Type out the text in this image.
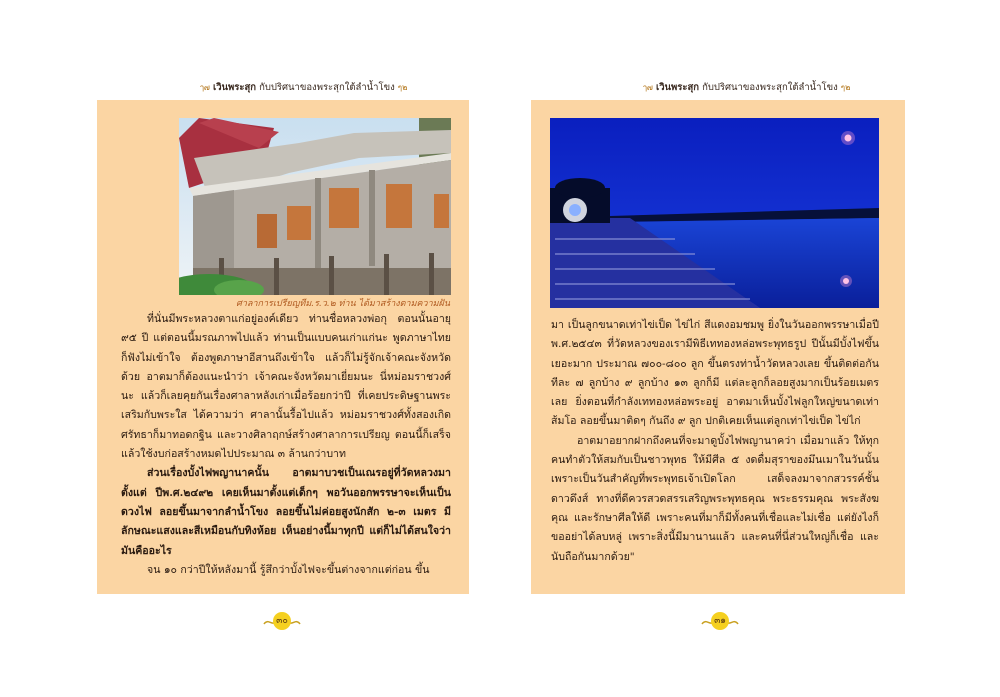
ๅ๗ เวินพระสุก กับปริศนาของพระสุกใต้ลำน้ำโขง ๆ๒
ศาลาการเปรียญทีม.ร.ว.๒ ท่าน ได้มาสร้างตามความฝัน

ที่นั่นมีพระหลวงตาแก่อยู่องค์เดียว ท่านชื่อหลวงพ่อกุ ตอนนั้นอายุ ๙๕ ปี แต่ตอนนี้มรณภาพไปแล้ว ท่านเป็นแบบคนเก่าแก่นะ พูดภาษาไทยก็ฟังไม่เข้าใจ ต้องพูดภาษาอีสานถึงเข้าใจ แล้วก็ไม่รู้จักเจ้าคณะจังหวัดด้วย อาตมาก็ต้องแนะนำว่า เจ้าคณะจังหวัดมาเยี่ยมนะ นี่หม่อมราชวงศ์นะ แล้วก็เลยคุยกันเรื่องศาลาหลังเก่าเมื่อร้อยกว่าปี ที่เคยประดิษฐานพระเสริมกับพระใส ได้ความว่า ศาลานั้นรื้อไปแล้ว หม่อมราชวงศ์ทั้งสองเกิดศรัทธาก็มาทอดกฐิน และวางศิลาฤกษ์สร้างศาลาการเปรียญ ตอนนี้ก็เสร็จแล้วใช้งบก่อสร้างหมดไปประมาณ ๓ ล้านกว่าบาท

ส่วนเรื่องบั้งไฟพญานาคนั้น อาตมาบวชเป็นเณรอยู่ที่วัดหลวงมาตั้งแต่ ปีพ.ศ.๒๔๙๒ เคยเห็นมาตั้งแต่เด็กๆ พอวันออกพรรษาจะเห็นเป็นดวงไฟ ลอยขึ้นมาจากลำน้ำโขง ลอยขึ้นไม่ค่อยสูงนักสัก ๒-๓ เมตร มีลักษณะแสงและสีเหมือนกับทิงห้อย เห็นอย่างนี้มาทุกปี แต่ก็ไม่ได้สนใจว่ามันคืออะไร

จน ๑๐ กว่าปีให้หลังมานี้ รู้สึกว่าบั้งไฟจะขึ้นต่างจากแต่ก่อน ขึ้น

๓๐
ๅ๗ เวินพระสุก กับปริศนาของพระสุกใต้ลำน้ำโขง ๆ๒

มา เป็นลูกขนาดเท่าไข่เป็ด ไข่ไก่ สีแดงอมชมพู ยิ่งในวันออกพรรษาเมื่อปี พ.ศ.๒๕๔๓ ที่วัดหลวงของเรามีพิธีเททองหล่อพระพุทธรูป ปีนั้นมีบั้งไฟขึ้นเยอะมาก ประมาณ ๗๐๐-๘๐๐ ลูก ขึ้นตรงท่าน้ำวัดหลวงเลย ขึ้นติดต่อกันทีละ ๗ ลูกบ้าง ๙ ลูกบ้าง ๑๓ ลูกก็มี แต่ละลูกก็ลอยสูงมากเป็นร้อยเมตรเลย ยิ่งตอนที่กำลังเททองหล่อพระอยู่ อาตมาเห็นบั้งไฟลูกใหญ่ขนาดเท่าส้มโอ ลอยขึ้นมาติดๆ กันถึง ๙ ลูก ปกติเคยเห็นแต่ลูกเท่าไข่เป็ด ไข่ไก่

อาตมาอยากฝากถึงคนที่จะมาดูบั้งไฟพญานาคว่า เมื่อมาแล้ว ให้ทุกคนทำตัวให้สมกับเป็นชาวพุทธ ให้มีศีล ๕ งดดื่มสุราของมึนเมาในวันนั้น เพราะเป็นวันสำคัญที่พระพุทธเจ้าเปิดโลก เสด็จลงมาจากสวรรค์ชั้นดาวดึงส์ ทางที่ดีควรสวดสรรเสริญพระพุทธคุณ พระธรรมคุณ พระสังฆคุณ และรักษาศีลให้ดี เพราะคนที่มาก็มีทั้งคนที่เชื่อและไม่เชื่อ แต่ยังไงก็ขออย่าได้ลบหลู่ เพราะสิ่งนี้มีมานานแล้ว และคนที่นี่ส่วนใหญ่ก็เชื่อ และนับถือกันมากด้วย"

๓๑
